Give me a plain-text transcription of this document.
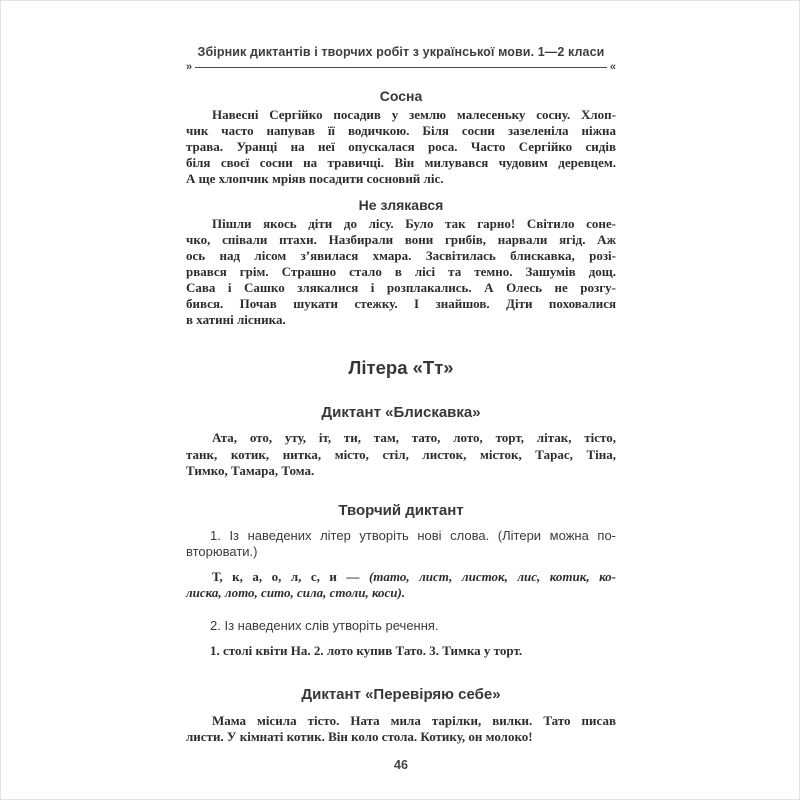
Збірник диктантів і творчих робіт з української мови. 1—2 класи
»	«
Сосна
Навесні Сергійко посадив у землю малесеньку сосну. Хлоп-
чик часто напував її водичкою. Біля сосни зазеленіла ніжна
трава. Уранці на неї опускалася роса. Часто Сергійко сидів
біля своєї сосни на травичці. Він милувався чудовим деревцем.
А ще хлопчик мріяв посадити сосновий ліс.
Не злякався
Пішли якось діти до лісу. Було так гарно! Світило соне-
чко, співали птахи. Назбирали вони грибів, нарвали ягід. Аж
ось над лісом з’явилася хмара. Засвітилась блискавка, розі-
рвався грім. Страшно стало в лісі та темно. Зашумів дощ.
Сава і Сашко злякалися і розплакались. А Олесь не розгу-
бився. Почав шукати стежку. І знайшов. Діти поховалися
в хатині лісника.
Літера «Тт»
Диктант «Блискавка»
Ата, ото, уту, іт, ти, там, тато, лото, торт, літак, тісто,
танк, котик, нитка, місто, стіл, листок, місток, Тарас, Тіна,
Тимко, Тамара, Тома.
Творчий диктант
1. Із наведених літер утворіть нові слова. (Літери можна по-
вторювати.)
Т, к, а, о, л, с, и — (тато, лист, листок, лис, котик, ко-
лиска, лото, сито, сила, столи, коси).
2. Із наведених слів утворіть речення.
1. столі квіти На. 2. лото купив Тато. 3. Тимка у торт.
Диктант «Перевіряю себе»
Мама місила тісто. Ната мила тарілки, вилки. Тато писав
листи. У кімнаті котик. Він коло стола. Котику, он молоко!
46
